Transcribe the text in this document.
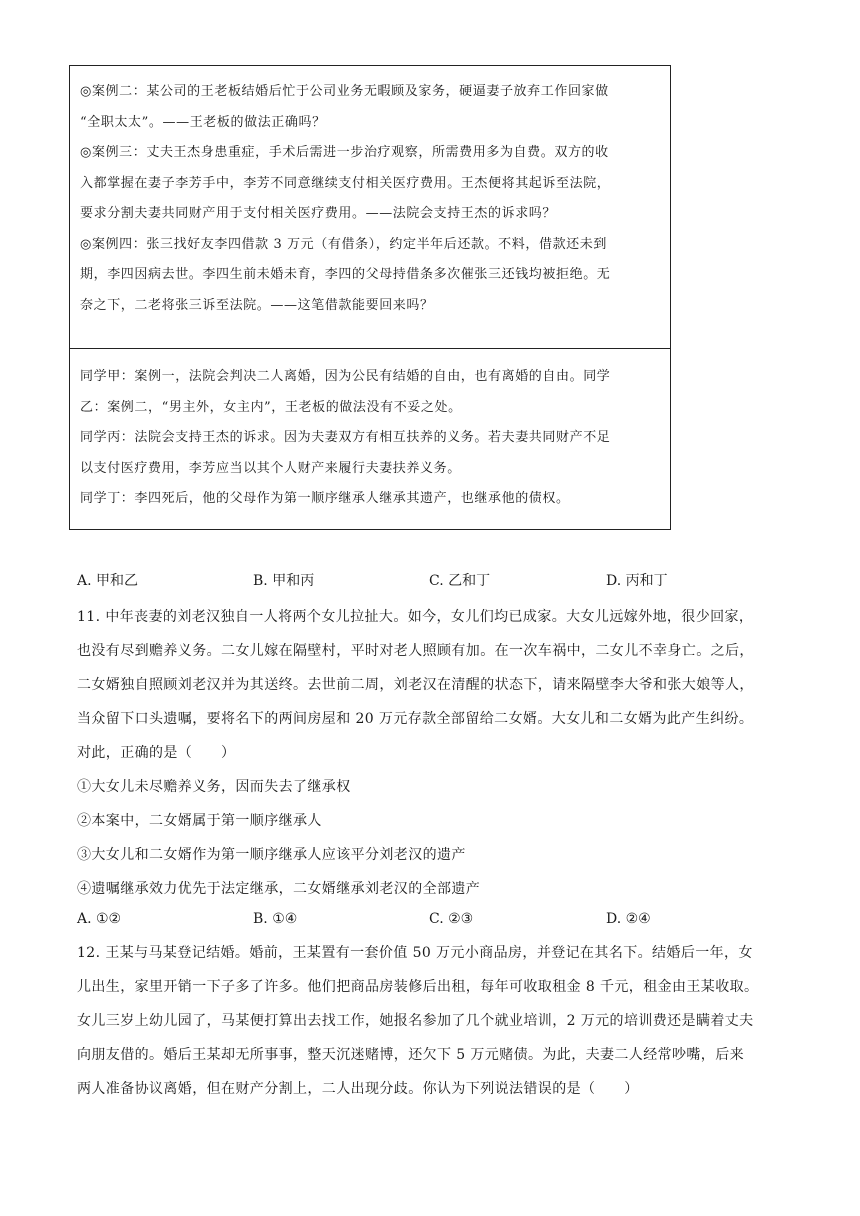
◎案例二：某公司的王老板结婚后忙于公司业务无暇顾及家务，硬逼妻子放弃工作回家做
“全职太太”。——王老板的做法正确吗？
◎案例三：丈夫王杰身患重症，手术后需进一步治疗观察，所需费用多为自费。双方的收
入都掌握在妻子李芳手中，李芳不同意继续支付相关医疗费用。王杰便将其起诉至法院，
要求分割夫妻共同财产用于支付相关医疗费用。——法院会支持王杰的诉求吗？
◎案例四：张三找好友李四借款 3 万元（有借条），约定半年后还款。不料，借款还未到
期，李四因病去世。李四生前未婚未育，李四的父母持借条多次催张三还钱均被拒绝。无
奈之下，二老将张三诉至法院。——这笔借款能要回来吗？
同学甲：案例一，法院会判决二人离婚，因为公民有结婚的自由，也有离婚的自由。同学
乙：案例二，“男主外，女主内”，王老板的做法没有不妥之处。
同学丙：法院会支持王杰的诉求。因为夫妻双方有相互扶养的义务。若夫妻共同财产不足
以支付医疗费用，李芳应当以其个人财产来履行夫妻扶养义务。
同学丁：李四死后，他的父母作为第一顺序继承人继承其遗产，也继承他的债权。
A. 甲和乙	B. 甲和丙	C. 乙和丁	D. 丙和丁
11. 中年丧妻的刘老汉独自一人将两个女儿拉扯大。如今，女儿们均已成家。大女儿远嫁外地，很少回家，
也没有尽到赡养义务。二女儿嫁在隔壁村，平时对老人照顾有加。在一次车祸中，二女儿不幸身亡。之后，
二女婿独自照顾刘老汉并为其送终。去世前二周，刘老汉在清醒的状态下，请来隔壁李大爷和张大娘等人，
当众留下口头遗嘱，要将名下的两间房屋和 20 万元存款全部留给二女婿。大女儿和二女婿为此产生纠纷。
对此，正确的是（　　）
①大女儿未尽赡养义务，因而失去了继承权
②本案中，二女婿属于第一顺序继承人
③大女儿和二女婿作为第一顺序继承人应该平分刘老汉的遗产
④遗嘱继承效力优先于法定继承，二女婿继承刘老汉的全部遗产
A. ①②	B. ①④	C. ②③	D. ②④
12. 王某与马某登记结婚。婚前，王某置有一套价值 50 万元小商品房，并登记在其名下。结婚后一年，女
儿出生，家里开销一下子多了许多。他们把商品房装修后出租，每年可收取租金 8 千元，租金由王某收取。
女儿三岁上幼儿园了，马某便打算出去找工作，她报名参加了几个就业培训，2 万元的培训费还是瞒着丈夫
向朋友借的。婚后王某却无所事事，整天沉迷赌博，还欠下 5 万元赌债。为此，夫妻二人经常吵嘴，后来
两人准备协议离婚，但在财产分割上，二人出现分歧。你认为下列说法错误的是（　　）
